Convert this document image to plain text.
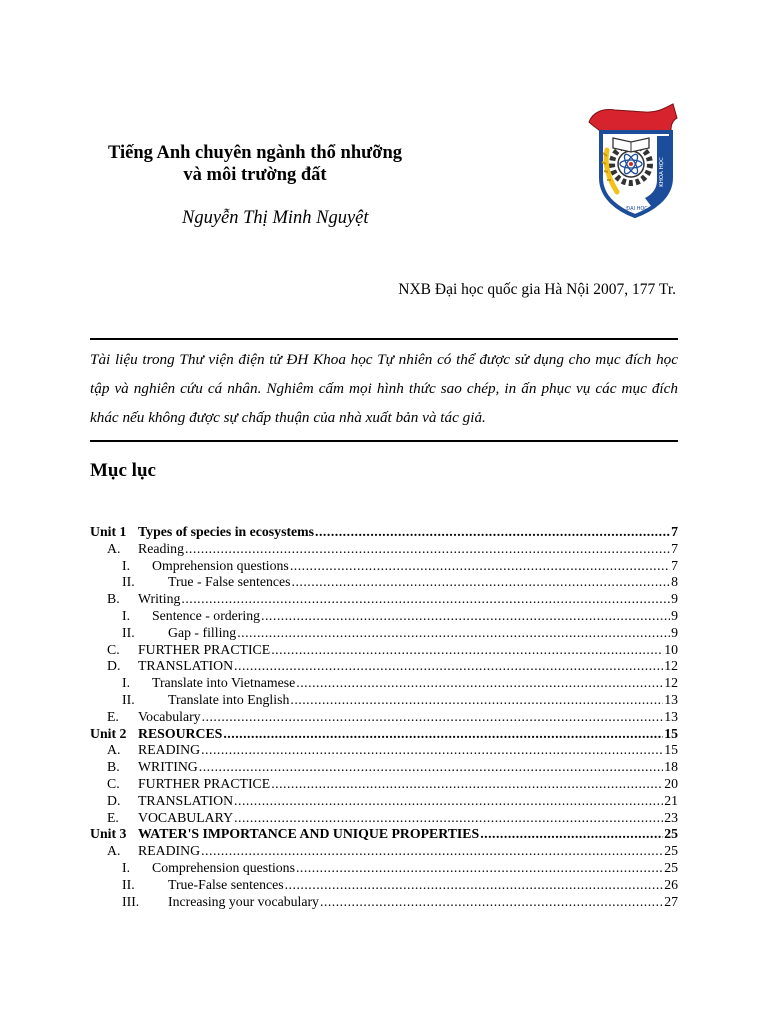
Tiếng Anh chuyên ngành thổ nhưỡng
và môi trường đất
Nguyễn Thị Minh Nguyệt
KHOA HỌC
ĐẠI HỌC
NXB Đại học quốc gia Hà Nội 2007, 177 Tr.

Tài liệu trong Thư viện điện tử ĐH Khoa học Tự nhiên có thể được sử dụng cho mục đích học tập và nghiên cứu cá nhân. Nghiêm cấm mọi hình thức sao chép, in ấn phục vụ các mục đích khác nếu không được sự chấp thuận của nhà xuất bản và tác giả.

Mục lục
Unit 1 Types of species in ecosystems .....	7
A.	Reading .....	7
I.	Omprehension questions .....	7
II.	True - False sentences .....	8
B.	Writing .....	9
I.	Sentence - ordering .....	9
II.	Gap - filling .....	9
C.	FURTHER PRACTICE .....	10
D.	TRANSLATION .....	12
I.	Translate into Vietnamese .....	12
II.	Translate into English .....	13
E.	Vocabulary .....	13
Unit 2 RESOURCES .....	15
A.	READING .....	15
B.	WRITING .....	18
C.	FURTHER PRACTICE .....	20
D.	TRANSLATION .....	21
E.	VOCABULARY .....	23
Unit 3 WATER'S IMPORTANCE AND UNIQUE PROPERTIES .....	25
A.	READING .....	25
I.	Comprehension questions .....	25
II.	True-False sentences .....	26
III.	Increasing your vocabulary .....	27
